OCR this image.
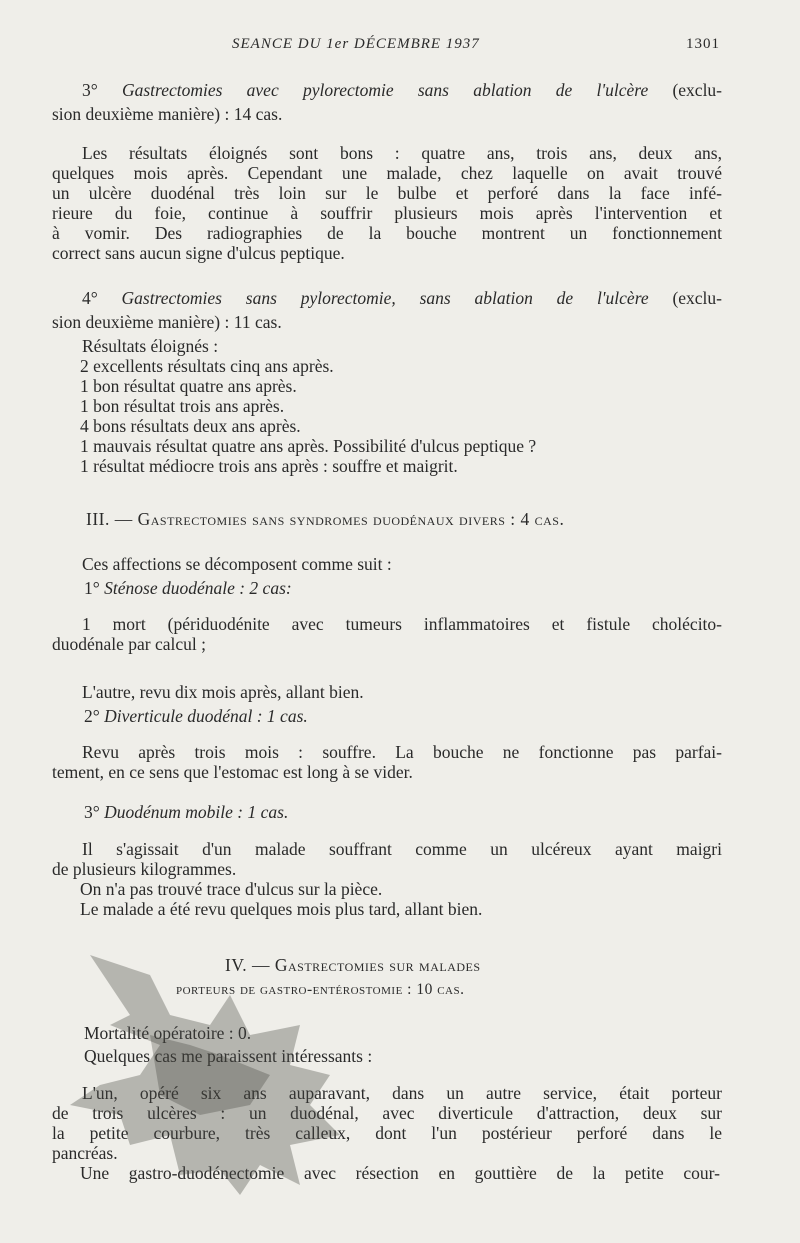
SEANCE DU 1er DÉCEMBRE 1937	1301
3° Gastrectomies avec pylorectomie sans ablation de l'ulcère (exclu-
sion deuxième manière) : 14 cas.
Les résultats éloignés sont bons : quatre ans, trois ans, deux ans,
quelques mois après. Cependant une malade, chez laquelle on avait trouvé
un ulcère duodénal très loin sur le bulbe et perforé dans la face infé-
rieure du foie, continue à souffrir plusieurs mois après l'intervention et
à vomir. Des radiographies de la bouche montrent un fonctionnement
correct sans aucun signe d'ulcus peptique.
4° Gastrectomies sans pylorectomie, sans ablation de l'ulcère (exclu-
sion deuxième manière) : 11 cas.
Résultats éloignés :
2 excellents résultats cinq ans après.
1 bon résultat quatre ans après.
1 bon résultat trois ans après.
4 bons résultats deux ans après.
1 mauvais résultat quatre ans après. Possibilité d'ulcus peptique ?
1 résultat médiocre trois ans après : souffre et maigrit.
III. — Gastrectomies sans syndromes duodénaux divers : 4 cas.
Ces affections se décomposent comme suit :
1° Sténose duodénale : 2 cas:
1 mort (périduodénite avec tumeurs inflammatoires et fistule cholécito-
duodénale par calcul ;
L'autre, revu dix mois après, allant bien.
2° Diverticule duodénal : 1 cas.
Revu après trois mois : souffre. La bouche ne fonctionne pas parfai-
tement, en ce sens que l'estomac est long à se vider.
3° Duodénum mobile : 1 cas.
Il s'agissait d'un malade souffrant comme un ulcéreux ayant maigri
de plusieurs kilogrammes.
On n'a pas trouvé trace d'ulcus sur la pièce.
Le malade a été revu quelques mois plus tard, allant bien.
IV. — Gastrectomies sur malades
porteurs de gastro-entérostomie : 10 cas.
Mortalité opératoire : 0.
Quelques cas me paraissent intéressants :
L'un, opéré six ans auparavant, dans un autre service, était porteur
de trois ulcères : un duodénal, avec diverticule d'attraction, deux sur
la petite courbure, très calleux, dont l'un postérieur perforé dans le
pancréas.
Une gastro-duodénectomie avec résection en gouttière de la petite cour-
